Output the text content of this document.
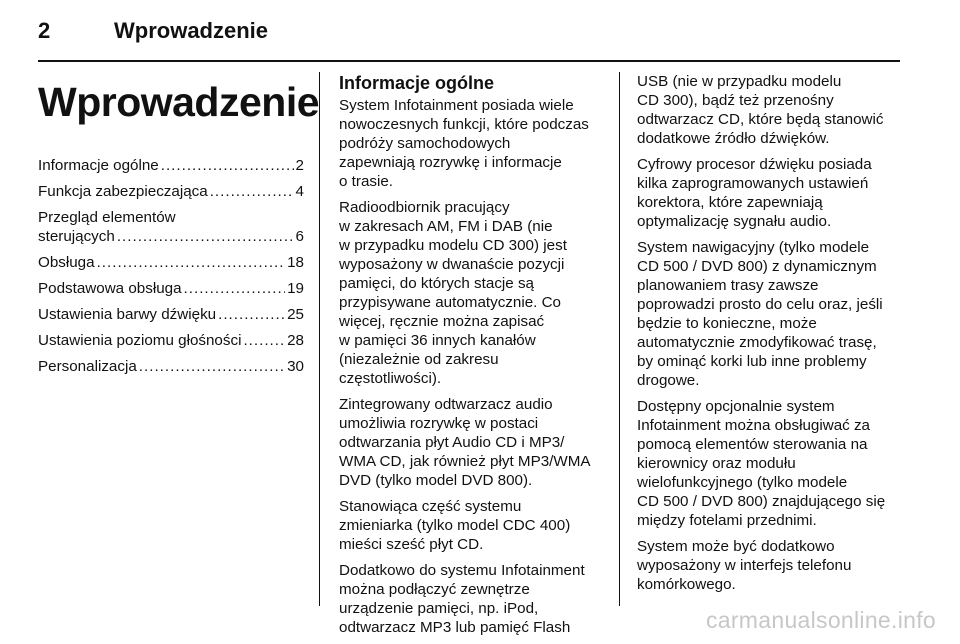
2	Wprowadzenie
Wprowadzenie
Informacje ogólne .....	2
Funkcja zabezpieczająca .....	4
Przegląd elementów
sterujących .....	6
Obsługa .....	18
Podstawowa obsługa .....	19
Ustawienia barwy dźwięku .....	25
Ustawienia poziomu głośności .....	28
Personalizacja .....	30
Informacje ogólne
System Infotainment posiada wiele
nowoczesnych funkcji, które podczas
podróży samochodowych
zapewniają rozrywkę i informacje
o trasie.
Radioodbiornik pracujący
w zakresach AM, FM i DAB (nie
w przypadku modelu CD 300) jest
wyposażony w dwanaście pozycji
pamięci, do których stacje są
przypisywane automatycznie. Co
więcej, ręcznie można zapisać
w pamięci 36 innych kanałów
(niezależnie od zakresu
częstotliwości).
Zintegrowany odtwarzacz audio
umożliwia rozrywkę w postaci
odtwarzania płyt Audio CD i MP3/
WMA CD, jak również płyt MP3/WMA
DVD (tylko model DVD 800).
Stanowiąca część systemu
zmieniarka (tylko model CDC 400)
mieści sześć płyt CD.
Dodatkowo do systemu Infotainment
można podłączyć zewnętrze
urządzenie pamięci, np. iPod,
odtwarzacz MP3 lub pamięć Flash
USB (nie w przypadku modelu
CD 300), bądź też przenośny
odtwarzacz CD, które będą stanowić
dodatkowe źródło dźwięków.
Cyfrowy procesor dźwięku posiada
kilka zaprogramowanych ustawień
korektora, które zapewniają
optymalizację sygnału audio.
System nawigacyjny (tylko modele
CD 500 / DVD 800) z dynamicznym
planowaniem trasy zawsze
poprowadzi prosto do celu oraz, jeśli
będzie to konieczne, może
automatycznie zmodyfikować trasę,
by ominąć korki lub inne problemy
drogowe.
Dostępny opcjonalnie system
Infotainment można obsługiwać za
pomocą elementów sterowania na
kierownicy oraz modułu
wielofunkcyjnego (tylko modele
CD 500 / DVD 800) znajdującego się
między fotelami przednimi.
System może być dodatkowo
wyposażony w interfejs telefonu
komórkowego.
carmanualsonline.info
